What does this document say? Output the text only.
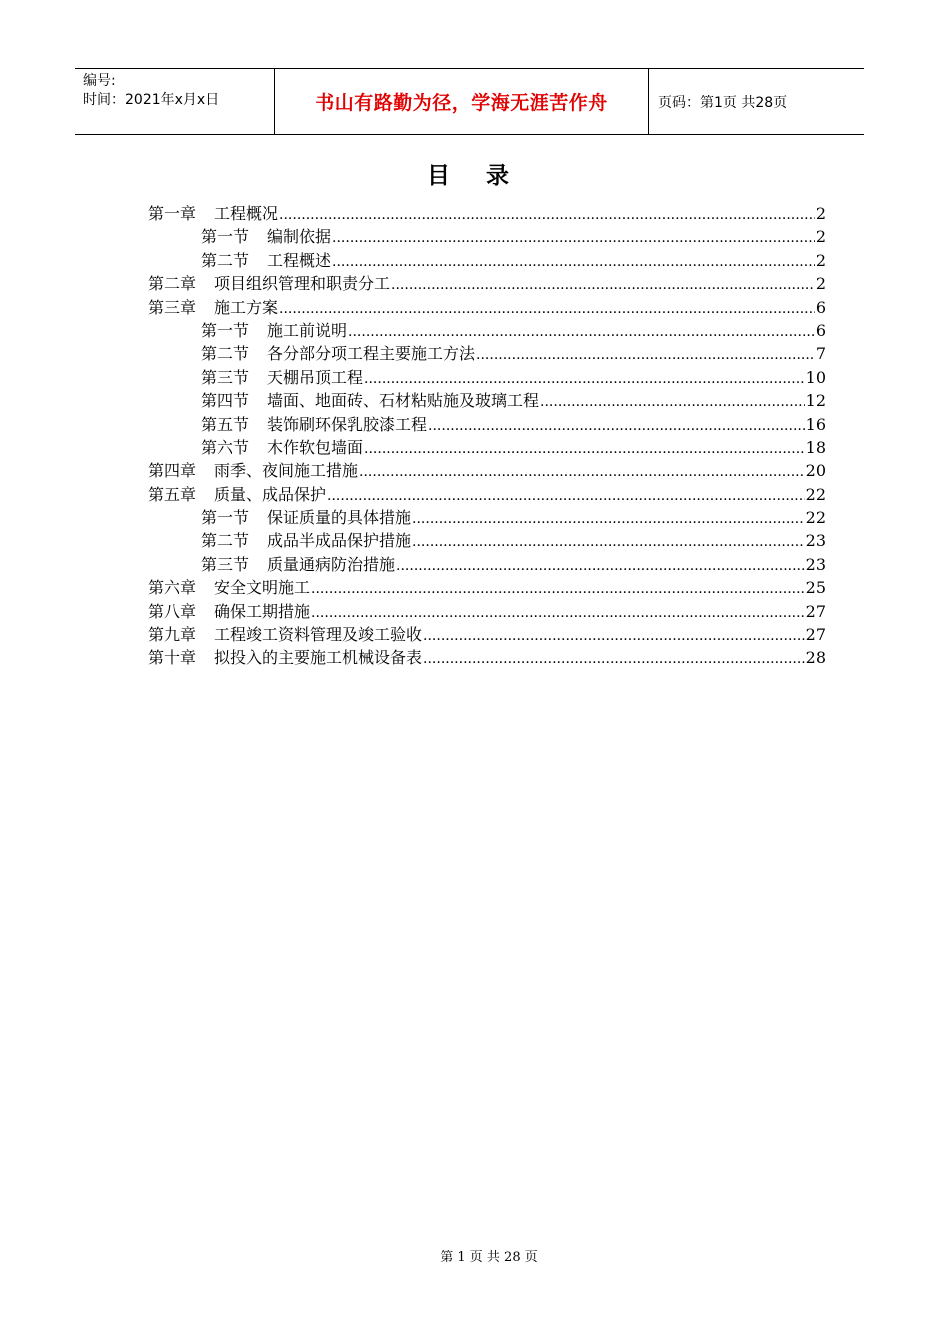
编号:
时间：2021年x月x日	书山有路勤为径，学海无涯苦作舟	页码：第1页 共28页
目 录
第一章 工程概况 .....	2
第一节 编制依据 .....	2
第二节 工程概述 .....	2
第二章 项目组织管理和职责分工 .....	2
第三章 施工方案 .....	6
第一节 施工前说明 .....	6
第二节 各分部分项工程主要施工方法 .....	7
第三节 天棚吊顶工程 .....	10
第四节 墙面、地面砖、石材粘贴施及玻璃工程 .....	12
第五节 装饰刷环保乳胶漆工程 .....	16
第六节 木作软包墙面 .....	18
第四章 雨季、夜间施工措施 .....	20
第五章 质量、成品保护 .....	22
第一节 保证质量的具体措施 .....	22
第二节 成品半成品保护措施 .....	23
第三节 质量通病防治措施 .....	23
第六章 安全文明施工 .....	25
第八章 确保工期措施 .....	27
第九章 工程竣工资料管理及竣工验收 .....	27
第十章 拟投入的主要施工机械设备表 .....	28
第 1 页 共 28 页
